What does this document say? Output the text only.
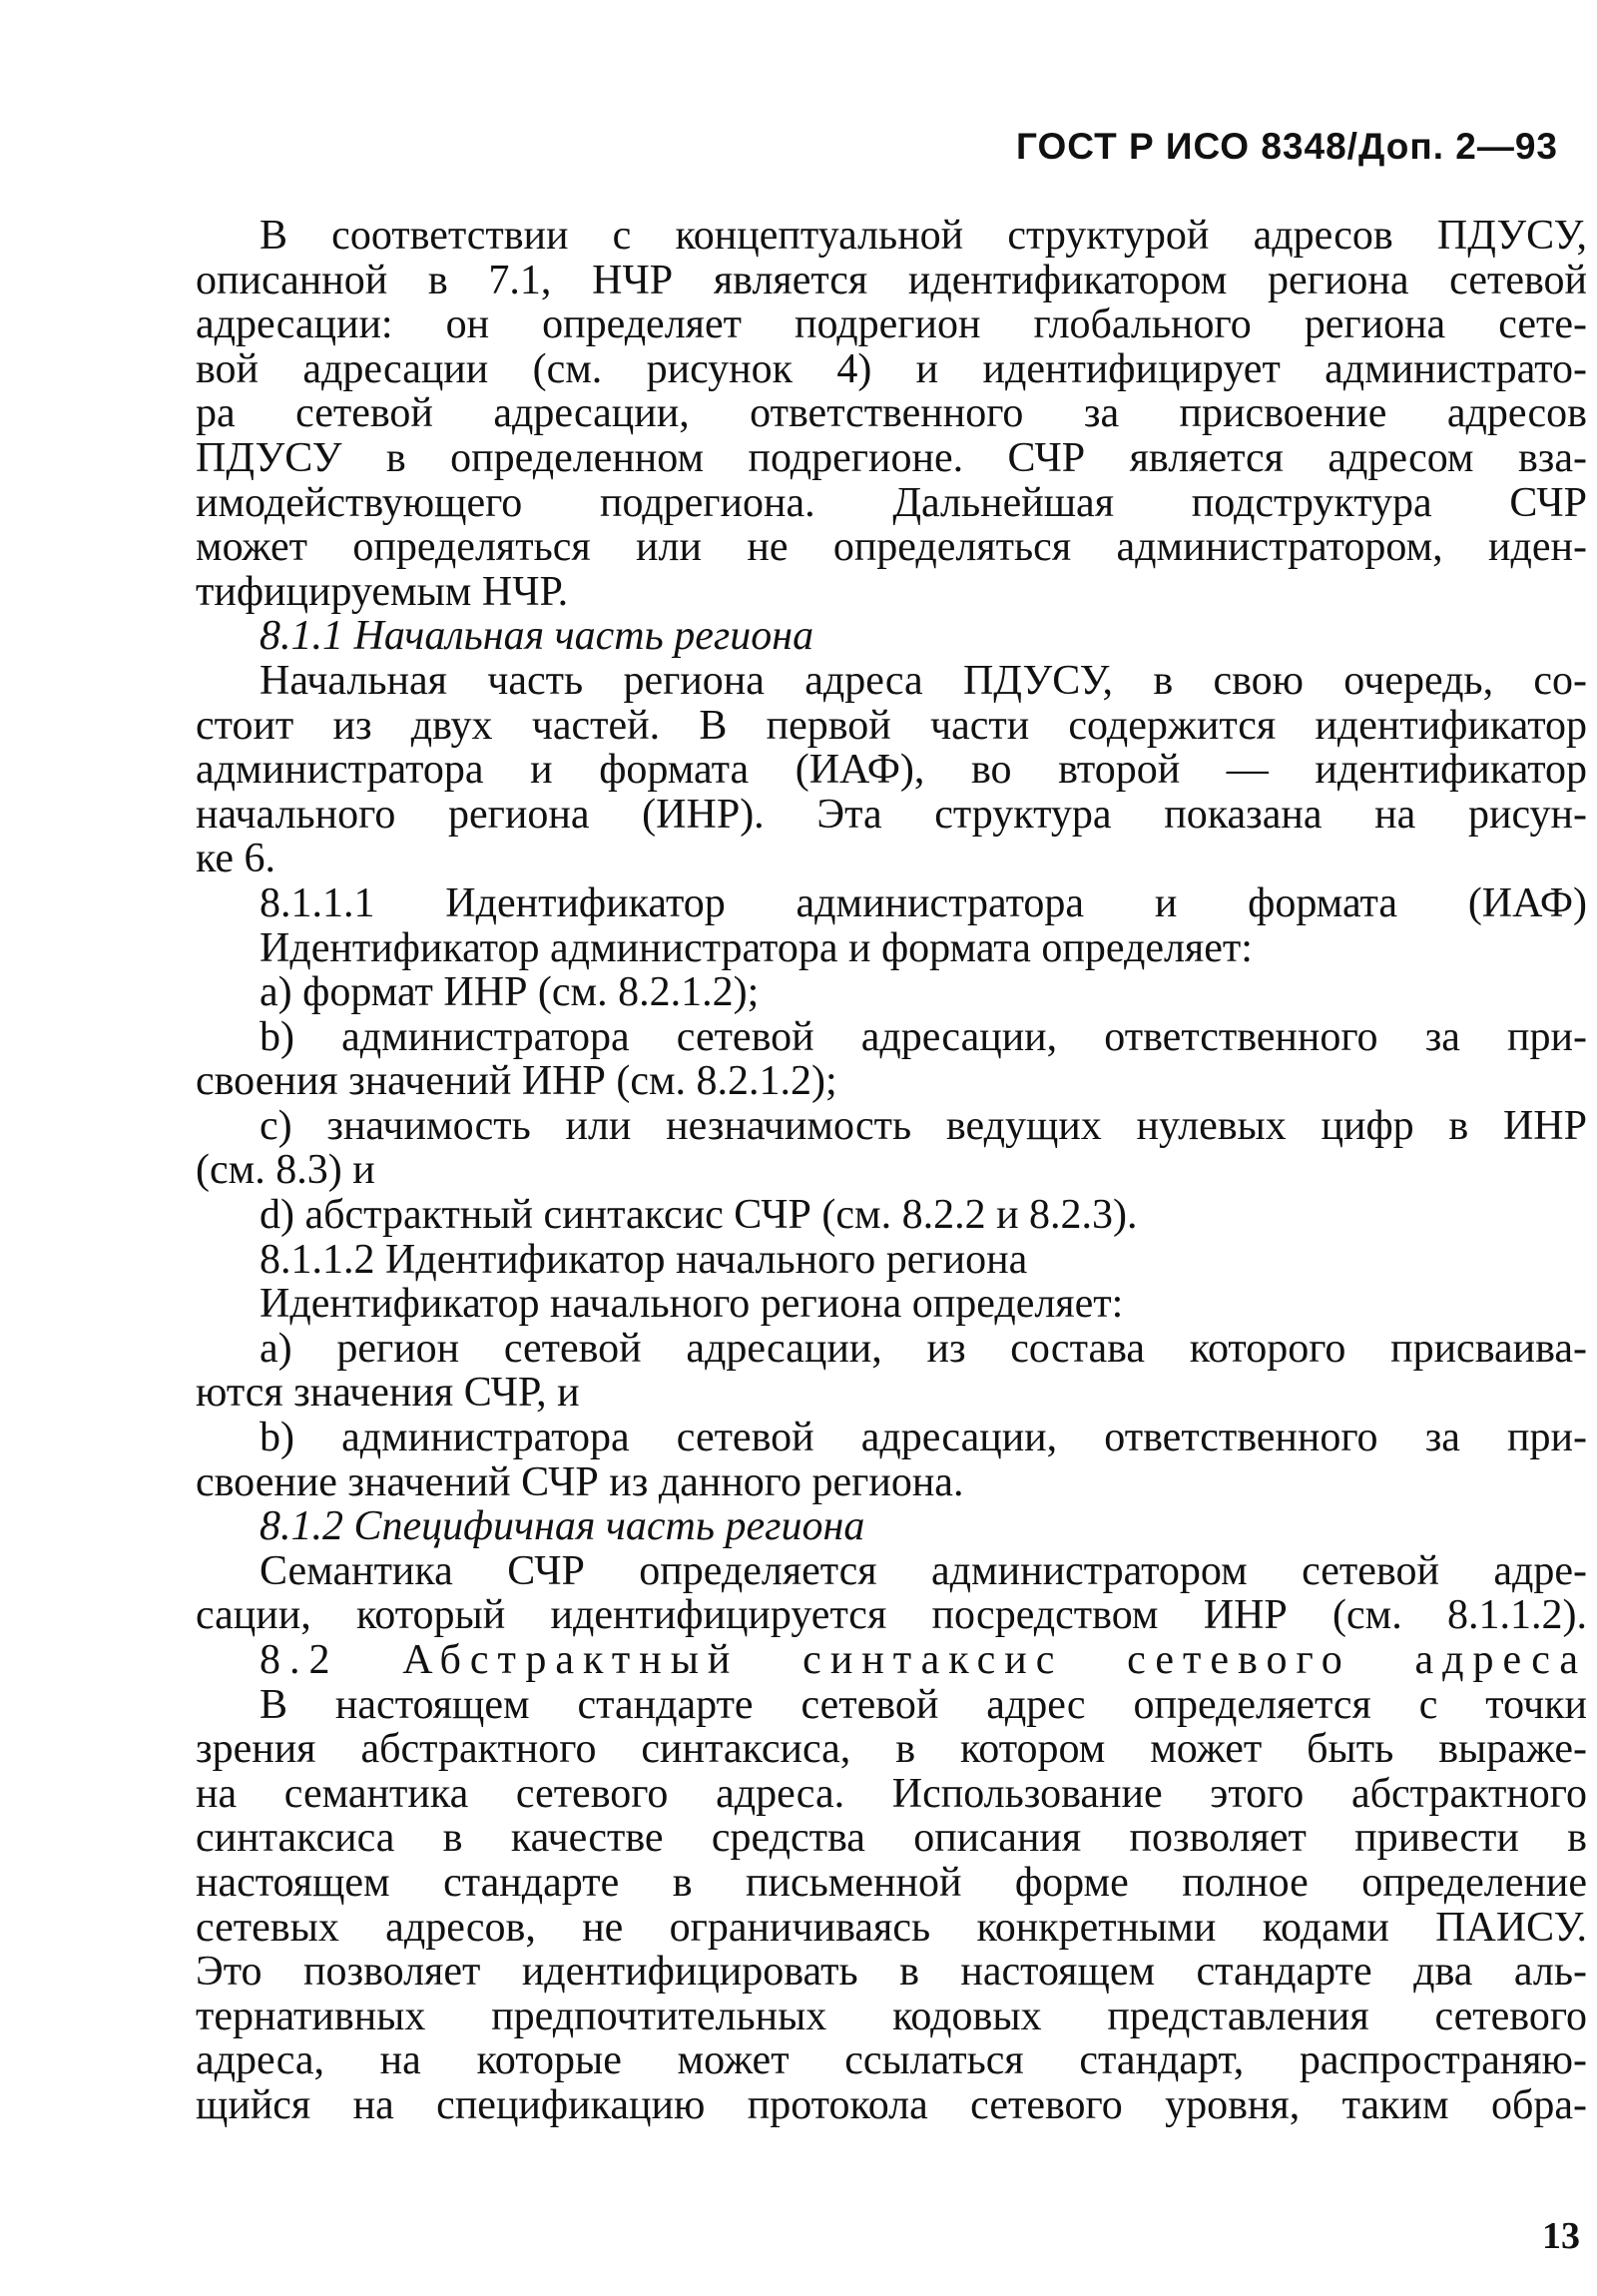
ГОСТ Р ИСО 8348/Доп. 2—93
В соответствии с концептуальной структурой адресов ПДУСУ,
описанной в 7.1, НЧР является идентификатором региона сетевой
адресации: он определяет подрегион глобального региона сете-
вой адресации (см. рисунок 4) и идентифицирует администрато-
ра сетевой адресации, ответственного за присвоение адресов
ПДУСУ в определенном подрегионе. СЧР является адресом вза-
имодействующего подрегиона. Дальнейшая подструктура СЧР
может определяться или не определяться администратором, иден-
тифицируемым НЧР.
8.1.1 Начальная часть региона
Начальная часть региона адреса ПДУСУ, в свою очередь, со-
стоит из двух частей. В первой части содержится идентификатор
администратора и формата (ИАФ), во второй — идентификатор
начального региона (ИНР). Эта структура показана на рисун-
ке 6.
8.1.1.1 Идентификатор администратора и формата (ИАФ)
Идентификатор администратора и формата определяет:
а) формат ИНР (см. 8.2.1.2);
b) администратора сетевой адресации, ответственного за при-
своения значений ИНР (см. 8.2.1.2);
с) значимость или незначимость ведущих нулевых цифр в ИНР
(см. 8.3) и
d) абстрактный синтаксис СЧР (см. 8.2.2 и 8.2.3).
8.1.1.2 Идентификатор начального региона
Идентификатор начального региона определяет:
а) регион сетевой адресации, из состава которого присваива-
ются значения СЧР, и
b) администратора сетевой адресации, ответственного за при-
своение значений СЧР из данного региона.
8.1.2 Специфичная часть региона
Семантика СЧР определяется администратором сетевой адре-
сации, который идентифицируется посредством ИНР (см. 8.1.1.2).
8.2 Абстрактный синтаксис сетевого адреса
В настоящем стандарте сетевой адрес определяется с точки
зрения абстрактного синтаксиса, в котором может быть выраже-
на семантика сетевого адреса. Использование этого абстрактного
синтаксиса в качестве средства описания позволяет привести в
настоящем стандарте в письменной форме полное определение
сетевых адресов, не ограничиваясь конкретными кодами ПАИСУ.
Это позволяет идентифицировать в настоящем стандарте два аль-
тернативных предпочтительных кодовых представления сетевого
адреса, на которые может ссылаться стандарт, распространяю-
щийся на спецификацию протокола сетевого уровня, таким обра-
13
